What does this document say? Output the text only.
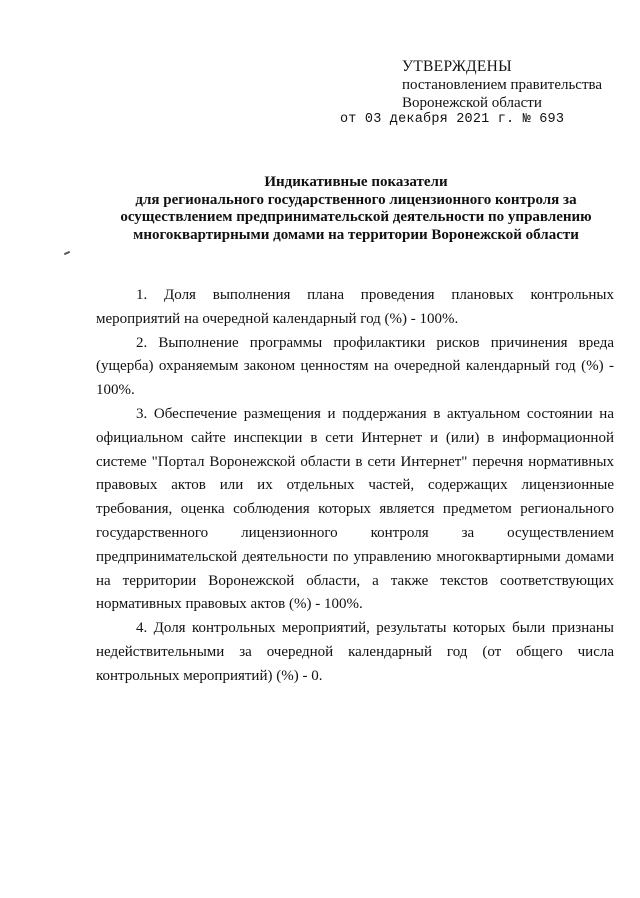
УТВЕРЖДЕНЫ
постановлением правительства
Воронежской области
от 03 декабря 2021 г. № 693
Индикативные показатели
для регионального государственного лицензионного контроля за
осуществлением предпринимательской деятельности по управлению
многоквартирными домами на территории Воронежской области

1. Доля выполнения плана проведения плановых контрольных мероприятий на очередной календарный год (%) - 100%.

2. Выполнение программы профилактики рисков причинения вреда (ущерба) охраняемым законом ценностям на очередной календарный год (%) - 100%.

3. Обеспечение размещения и поддержания в актуальном состоянии на официальном сайте инспекции в сети Интернет и (или) в информационной системе "Портал Воронежской области в сети Интернет" перечня нормативных правовых актов или их отдельных частей, содержащих лицензионные требования, оценка соблюдения которых является предметом регионального государственного лицензионного контроля за осуществлением предпринимательской деятельности по управлению многоквартирными домами на территории Воронежской области, а также текстов соответствующих нормативных правовых актов (%) - 100%.

4. Доля контрольных мероприятий, результаты которых были признаны недействительными за очередной календарный год (от общего числа контрольных мероприятий) (%) - 0.
